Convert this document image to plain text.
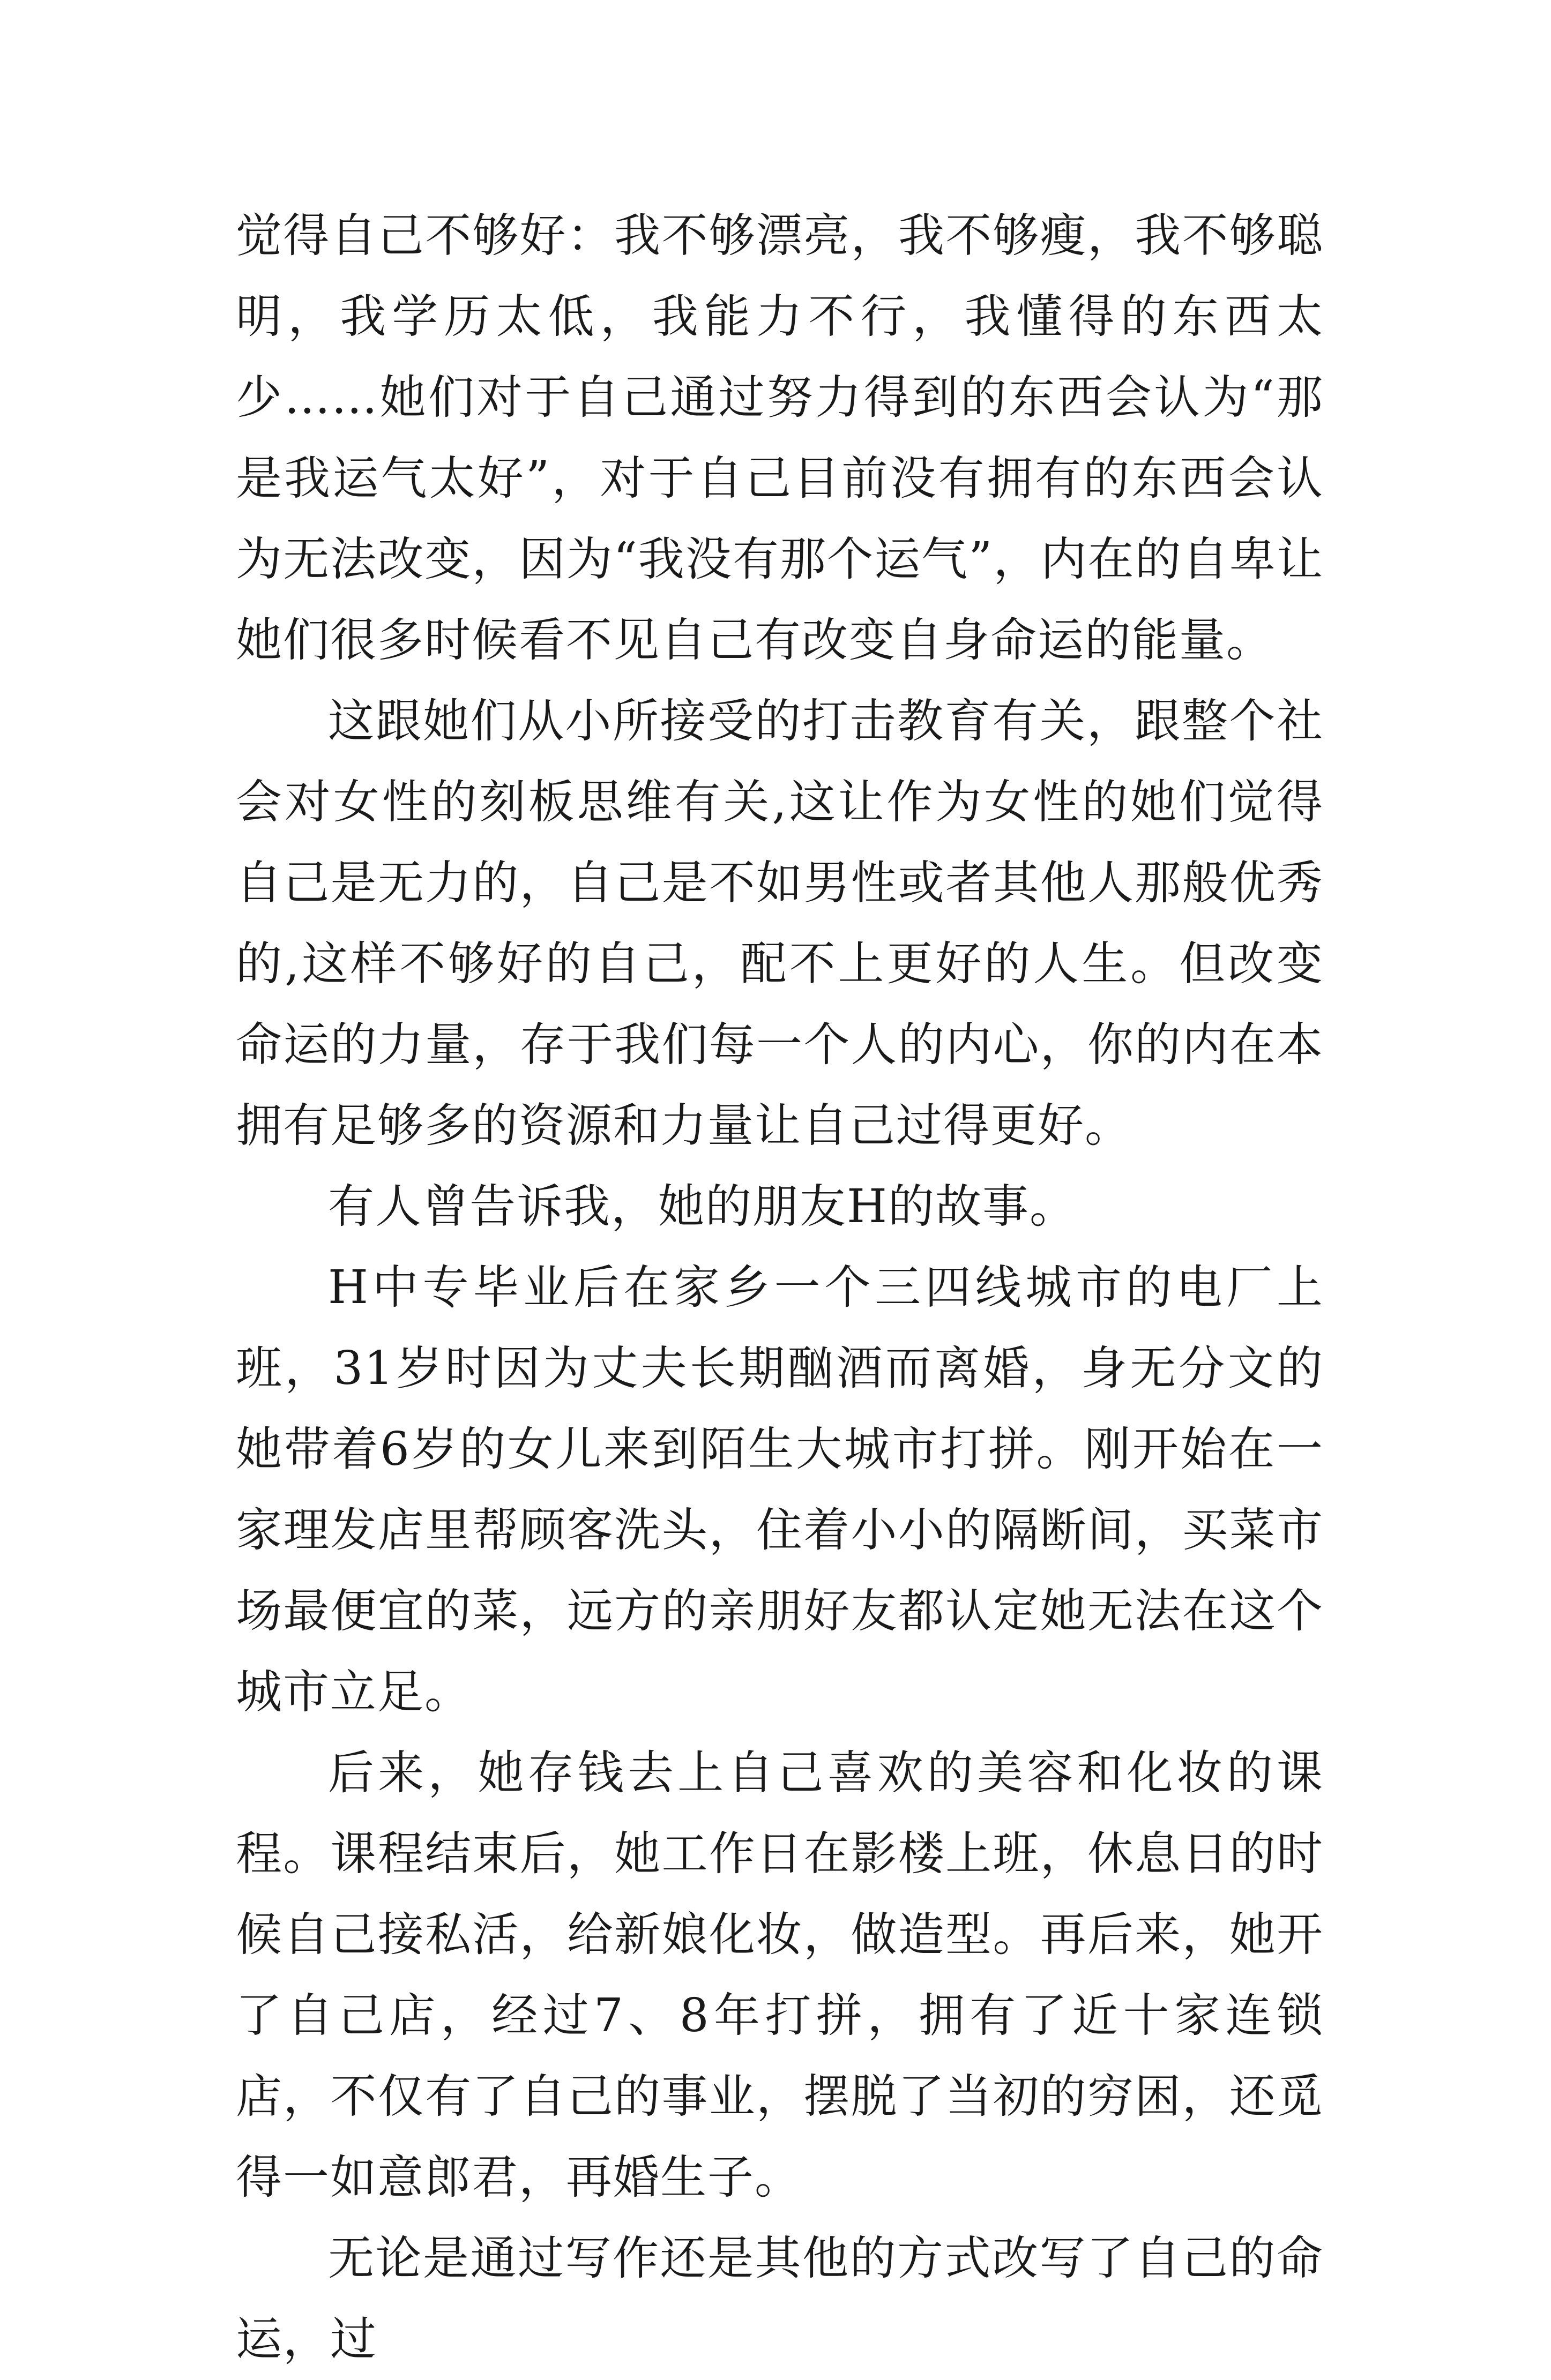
觉得自己不够好：我不够漂亮，我不够瘦，我不够聪明，我学历太低，我能力不行，我懂得的东西太少……她们对于自己通过努力得到的东西会认为“那是我运气太好”，对于自己目前没有拥有的东西会认为无法改变，因为“我没有那个运气”，内在的自卑让她们很多时候看不见自己有改变自身命运的能量。

这跟她们从小所接受的打击教育有关，跟整个社会对女性的刻板思维有关,这让作为女性的她们觉得自己是无力的，自己是不如男性或者其他人那般优秀的,这样不够好的自己，配不上更好的人生。但改变命运的力量，存于我们每一个人的内心，你的内在本拥有足够多的资源和力量让自己过得更好。

有人曾告诉我，她的朋友H的故事。

H中专毕业后在家乡一个三四线城市的电厂上班，31岁时因为丈夫长期酗酒而离婚，身无分文的她带着6岁的女儿来到陌生大城市打拼。刚开始在一家理发店里帮顾客洗头，住着小小的隔断间，买菜市场最便宜的菜，远方的亲朋好友都认定她无法在这个城市立足。

后来，她存钱去上自己喜欢的美容和化妆的课程。课程结束后，她工作日在影楼上班，休息日的时候自己接私活，给新娘化妆，做造型。再后来，她开了自己店，经过7、8年打拼，拥有了近十家连锁店，不仅有了自己的事业，摆脱了当初的穷困，还觅得一如意郎君，再婚生子。

无论是通过写作还是其他的方式改写了自己的命运，过
